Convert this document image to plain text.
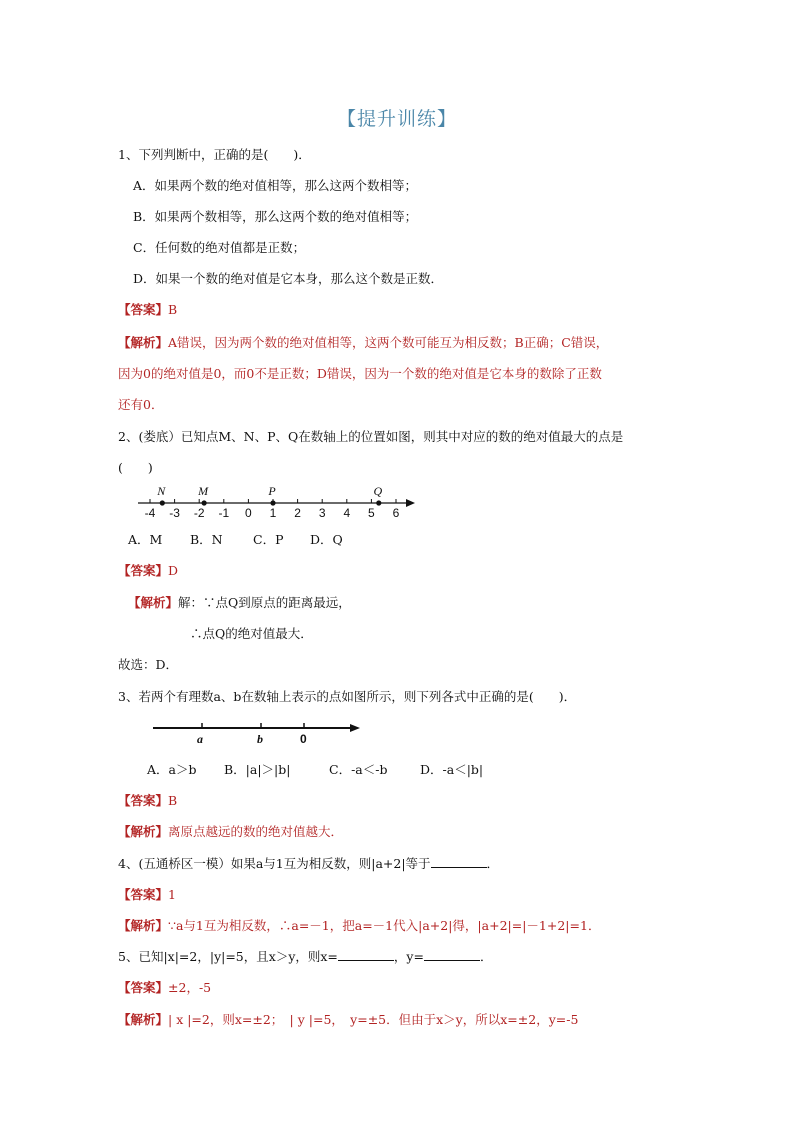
【提升训练】
1、下列判断中，正确的是(　　)．
A．如果两个数的绝对值相等，那么这两个数相等；
B．如果两个数相等，那么这两个数的绝对值相等；
C．任何数的绝对值都是正数；
D．如果一个数的绝对值是它本身，那么这个数是正数．
【答案】B
【解析】A错误，因为两个数的绝对值相等，这两个数可能互为相反数；B正确；C错误，
因为0的绝对值是0，而0不是正数；D错误，因为一个数的绝对值是它本身的数除了正数
还有0．
2、(娄底）已知点M、N、P、Q在数轴上的位置如图，则其中对应的数的绝对值最大的点是
(　　)
-4 -3 -2 -1 0 1 2 3 4 5 6
N	M	P	Q
A．M B．N C．P D．Q
【答案】D
【解析】解：∵点Q到原点的距离最远，
∴点Q的绝对值最大．
故选：D．
3、若两个有理数a、b在数轴上表示的点如图所示，则下列各式中正确的是(　　)．
a	b	0
A．a＞b B．|a|＞|b|	C．-a＜-b	D．-a＜|b|
【答案】B
【解析】离原点越远的数的绝对值越大．
4、(五通桥区一模）如果a与1互为相反数，则|a+2|等于	．
【答案】1
【解析】∵a与1互为相反数，∴a=－1，把a=－1代入|a+2|得，|a+2|=|－1+2|=1．
5、已知|x|=2，|y|=5，且x＞y，则x=	，y=	．
【答案】±2，-5
【解析】| x |=2，则x=±2；　| y |=5，　y=±5．但由于x＞y，所以x=±2，y=-5
